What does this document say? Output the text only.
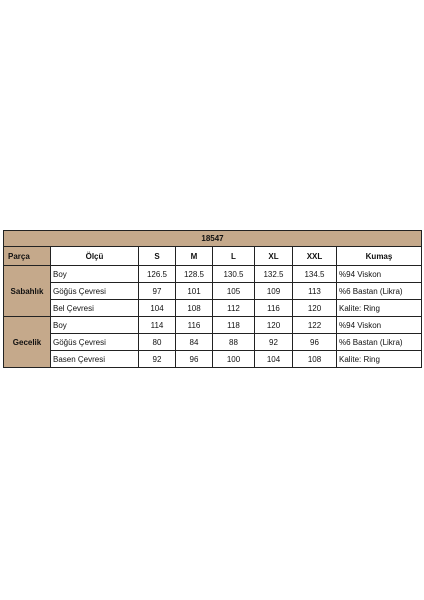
18547							
Parça	Ölçü	S	M	L	XL	XXL	Kumaş
Sabahlık	Boy	126.5	128.5	130.5	132.5	134.5	%94 Viskon
	Göğüs Çevresi	97	101	105	109	113	%6 Bastan (Likra)
	Bel Çevresi	104	108	112	116	120	Kalite: Ring
Gecelik	Boy	114	116	118	120	122	%94 Viskon
	Göğüs Çevresi	80	84	88	92	96	%6 Bastan (Likra)
	Basen Çevresi	92	96	100	104	108	Kalite: Ring
